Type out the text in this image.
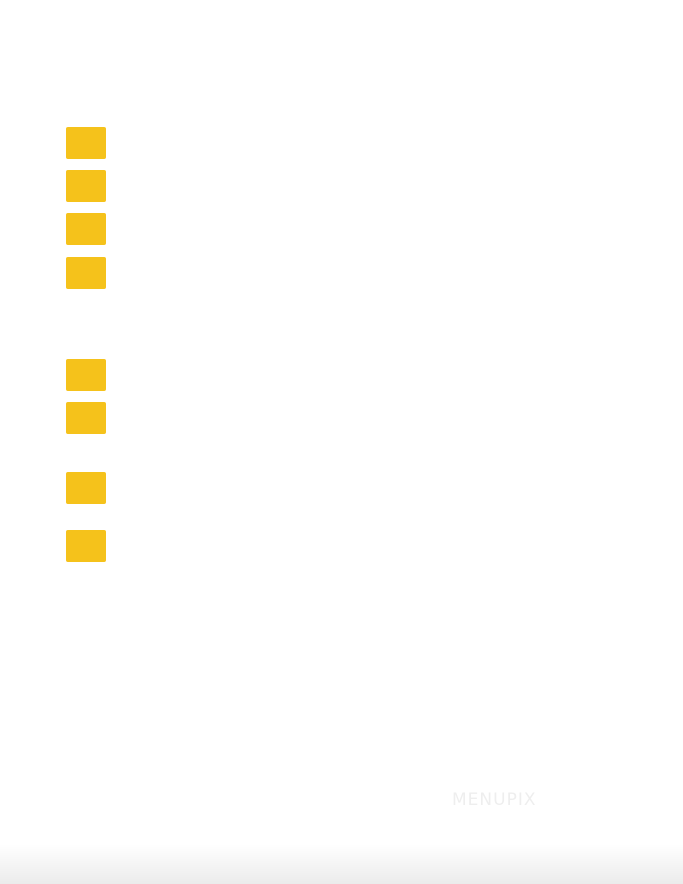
MENUPIX
